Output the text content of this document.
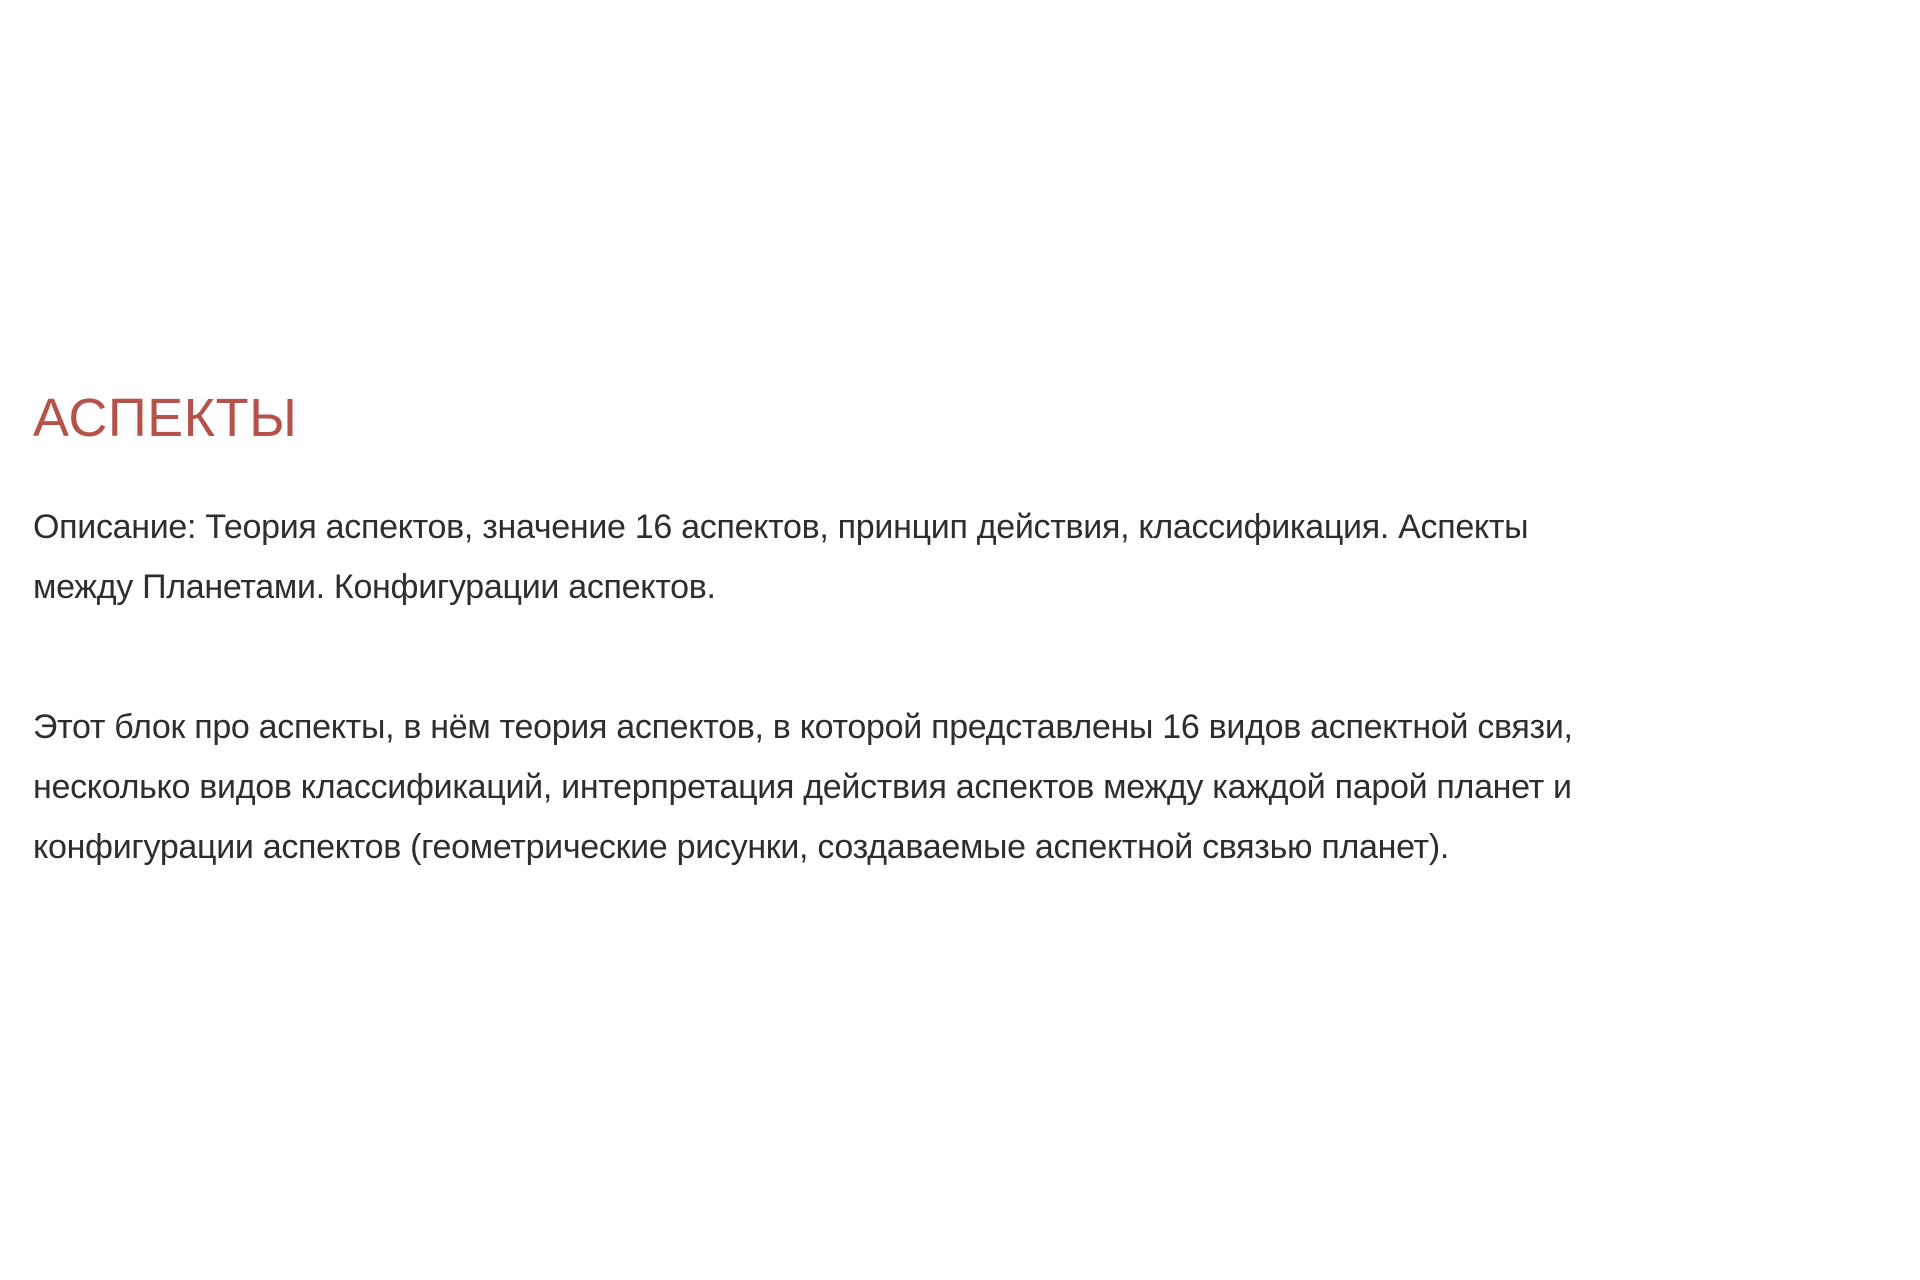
АСПЕКТЫ

Описание: Теория аспектов, значение 16 аспектов, принцип действия, классификация. Аспекты
между Планетами. Конфигурации аспектов.

Этот блок про аспекты, в нём теория аспектов, в которой представлены 16 видов аспектной связи,
несколько видов классификаций, интерпретация действия аспектов между каждой парой планет и
конфигурации аспектов (геометрические рисунки, создаваемые аспектной связью планет).
